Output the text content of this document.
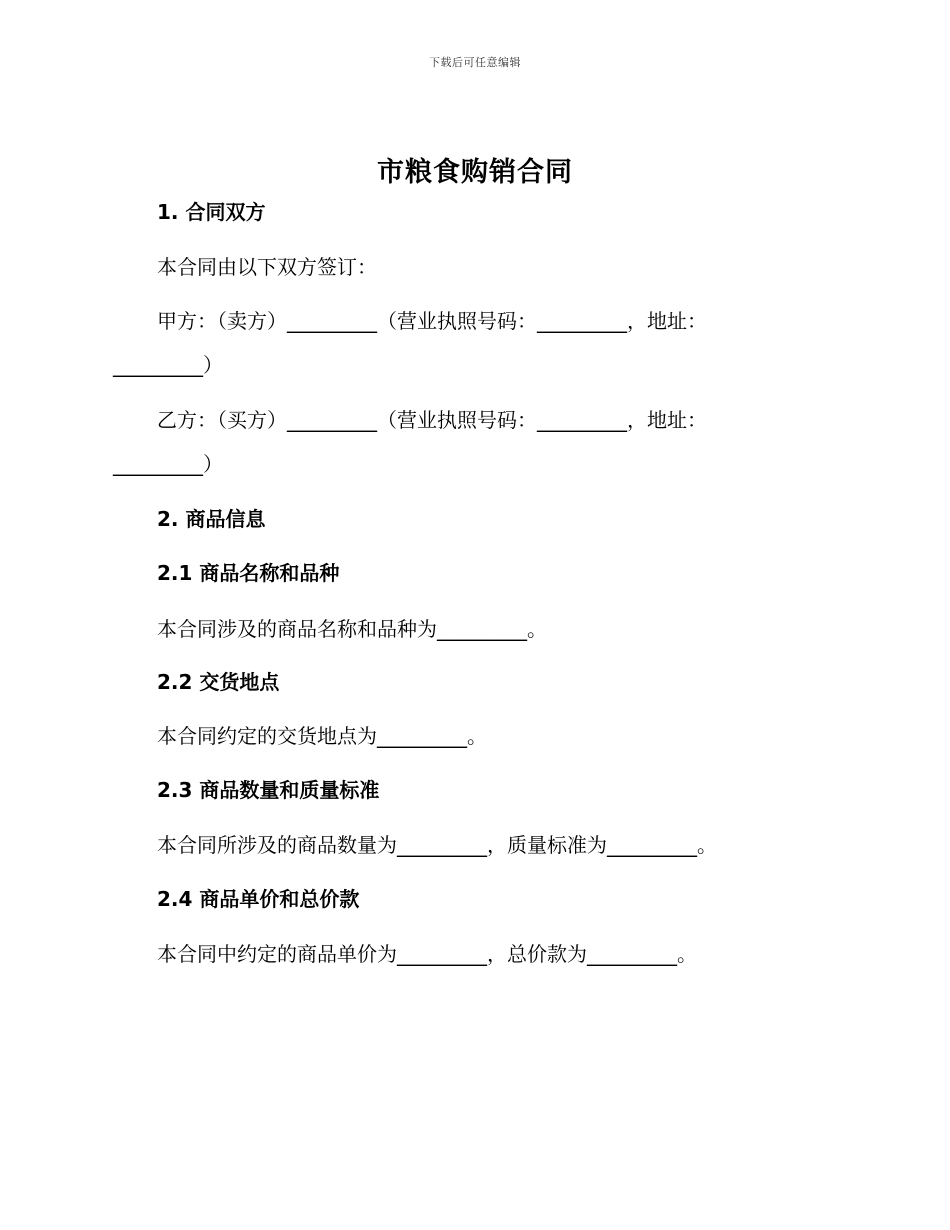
下载后可任意编辑
市粮食购销合同
1. 合同双方
本合同由以下双方签订：
甲方：（卖方）_________（营业执照号码：_________，地址：
_________）
乙方：（买方）_________（营业执照号码：_________，地址：
_________）
2. 商品信息
2.1 商品名称和品种
本合同涉及的商品名称和品种为_________。
2.2 交货地点
本合同约定的交货地点为_________。
2.3 商品数量和质量标准
本合同所涉及的商品数量为_________，质量标准为_________。
2.4 商品单价和总价款
本合同中约定的商品单价为_________，总价款为_________。
